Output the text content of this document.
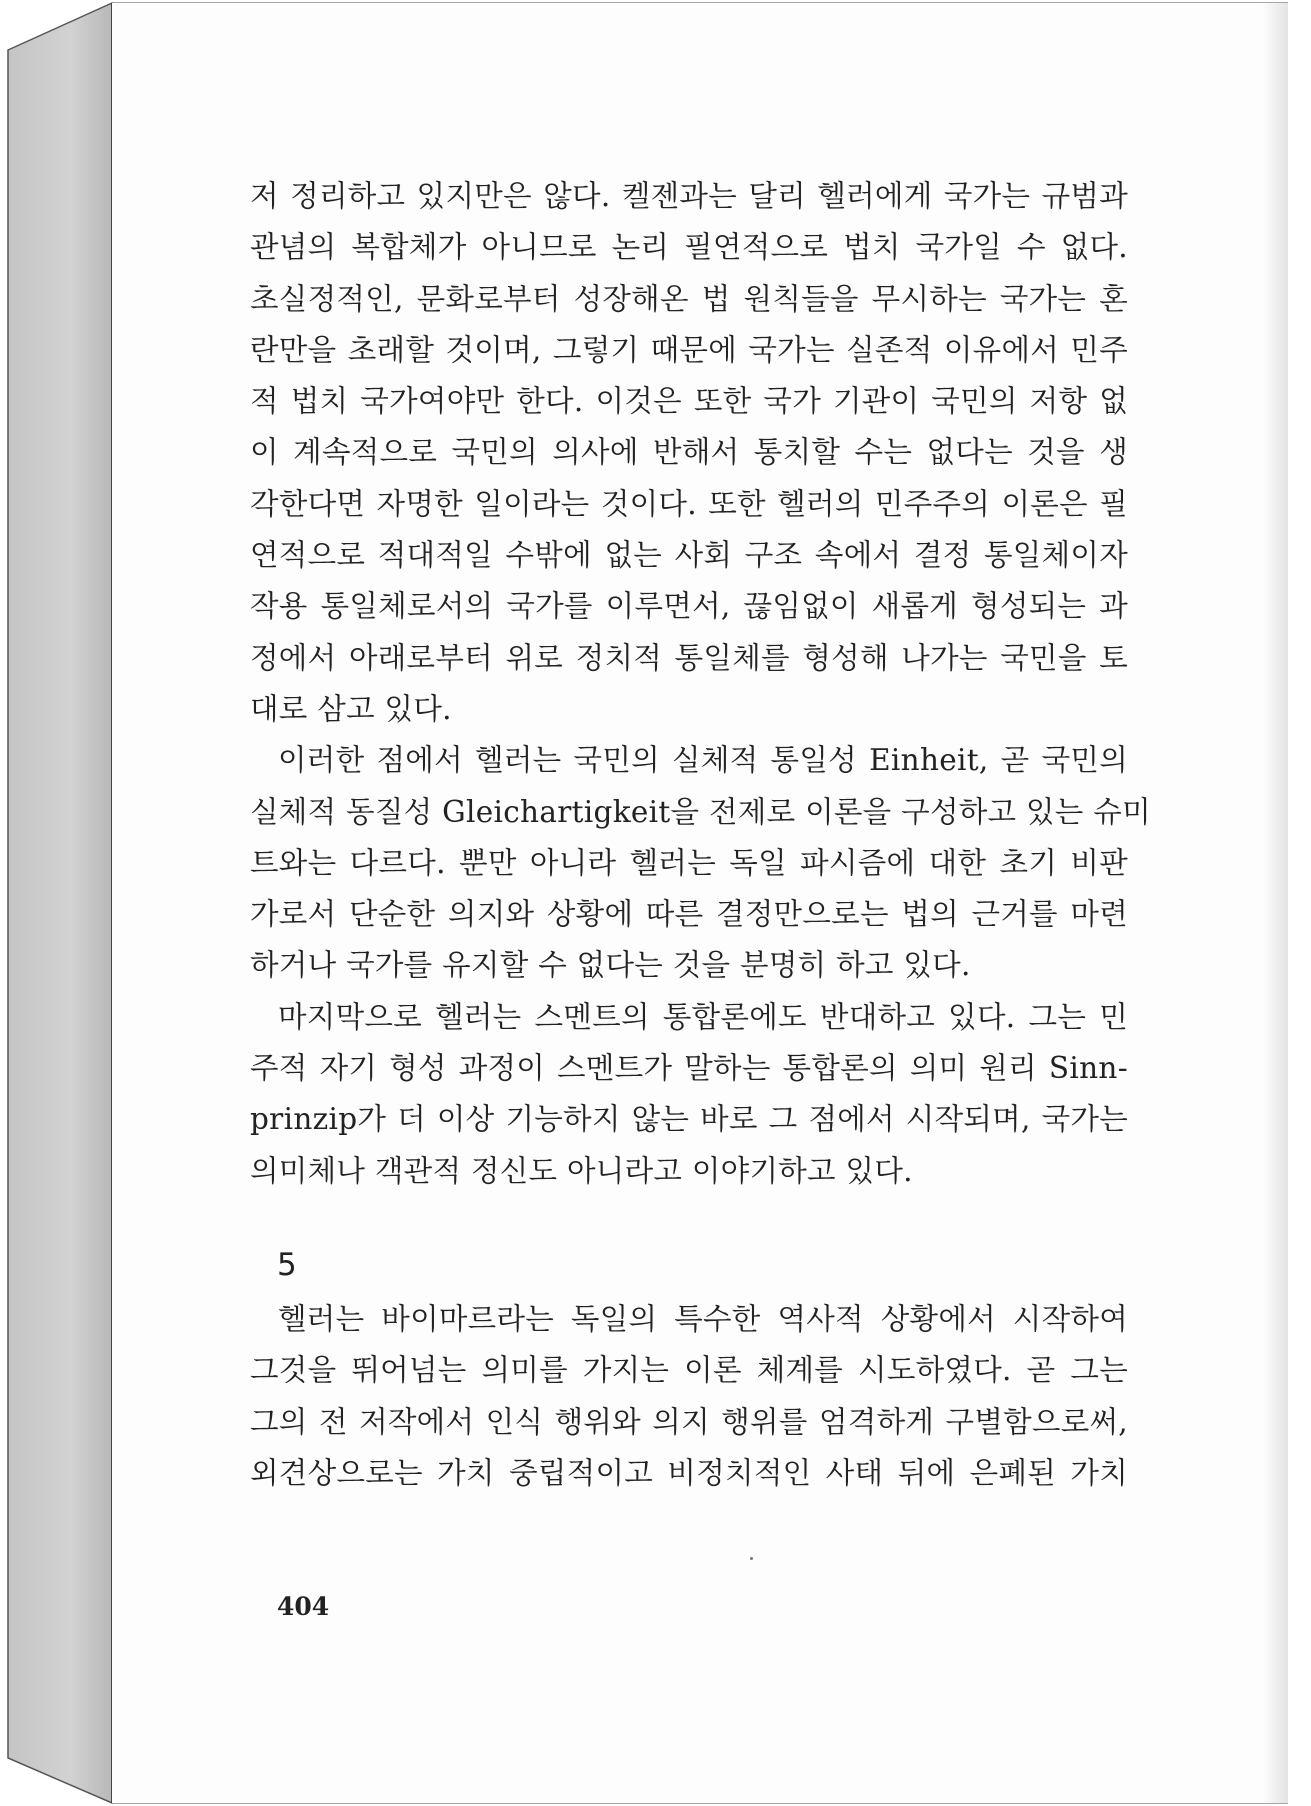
저 정리하고 있지만은 않다. 켈젠과는 달리 헬러에게 국가는 규범과
관념의 복합체가 아니므로 논리 필연적으로 법치 국가일 수 없다.
초실정적인, 문화로부터 성장해온 법 원칙들을 무시하는 국가는 혼
란만을 초래할 것이며, 그렇기 때문에 국가는 실존적 이유에서 민주
적 법치 국가여야만 한다. 이것은 또한 국가 기관이 국민의 저항 없
이 계속적으로 국민의 의사에 반해서 통치할 수는 없다는 것을 생
각한다면 자명한 일이라는 것이다. 또한 헬러의 민주주의 이론은 필
연적으로 적대적일 수밖에 없는 사회 구조 속에서 결정 통일체이자
작용 통일체로서의 국가를 이루면서, 끊임없이 새롭게 형성되는 과
정에서 아래로부터 위로 정치적 통일체를 형성해 나가는 국민을 토
대로 삼고 있다.
이러한 점에서 헬러는 국민의 실체적 통일성 Einheit, 곧 국민의
실체적 동질성 Gleichartigkeit을 전제로 이론을 구성하고 있는 슈미
트와는 다르다. 뿐만 아니라 헬러는 독일 파시즘에 대한 초기 비판
가로서 단순한 의지와 상황에 따른 결정만으로는 법의 근거를 마련
하거나 국가를 유지할 수 없다는 것을 분명히 하고 있다.
마지막으로 헬러는 스멘트의 통합론에도 반대하고 있다. 그는 민
주적 자기 형성 과정이 스멘트가 말하는 통합론의 의미 원리 Sinn-
prinzip가 더 이상 기능하지 않는 바로 그 점에서 시작되며, 국가는
의미체나 객관적 정신도 아니라고 이야기하고 있다.
5
헬러는 바이마르라는 독일의 특수한 역사적 상황에서 시작하여
그것을 뛰어넘는 의미를 가지는 이론 체계를 시도하였다. 곧 그는
그의 전 저작에서 인식 행위와 의지 행위를 엄격하게 구별함으로써,
외견상으로는 가치 중립적이고 비정치적인 사태 뒤에 은폐된 가치
404
